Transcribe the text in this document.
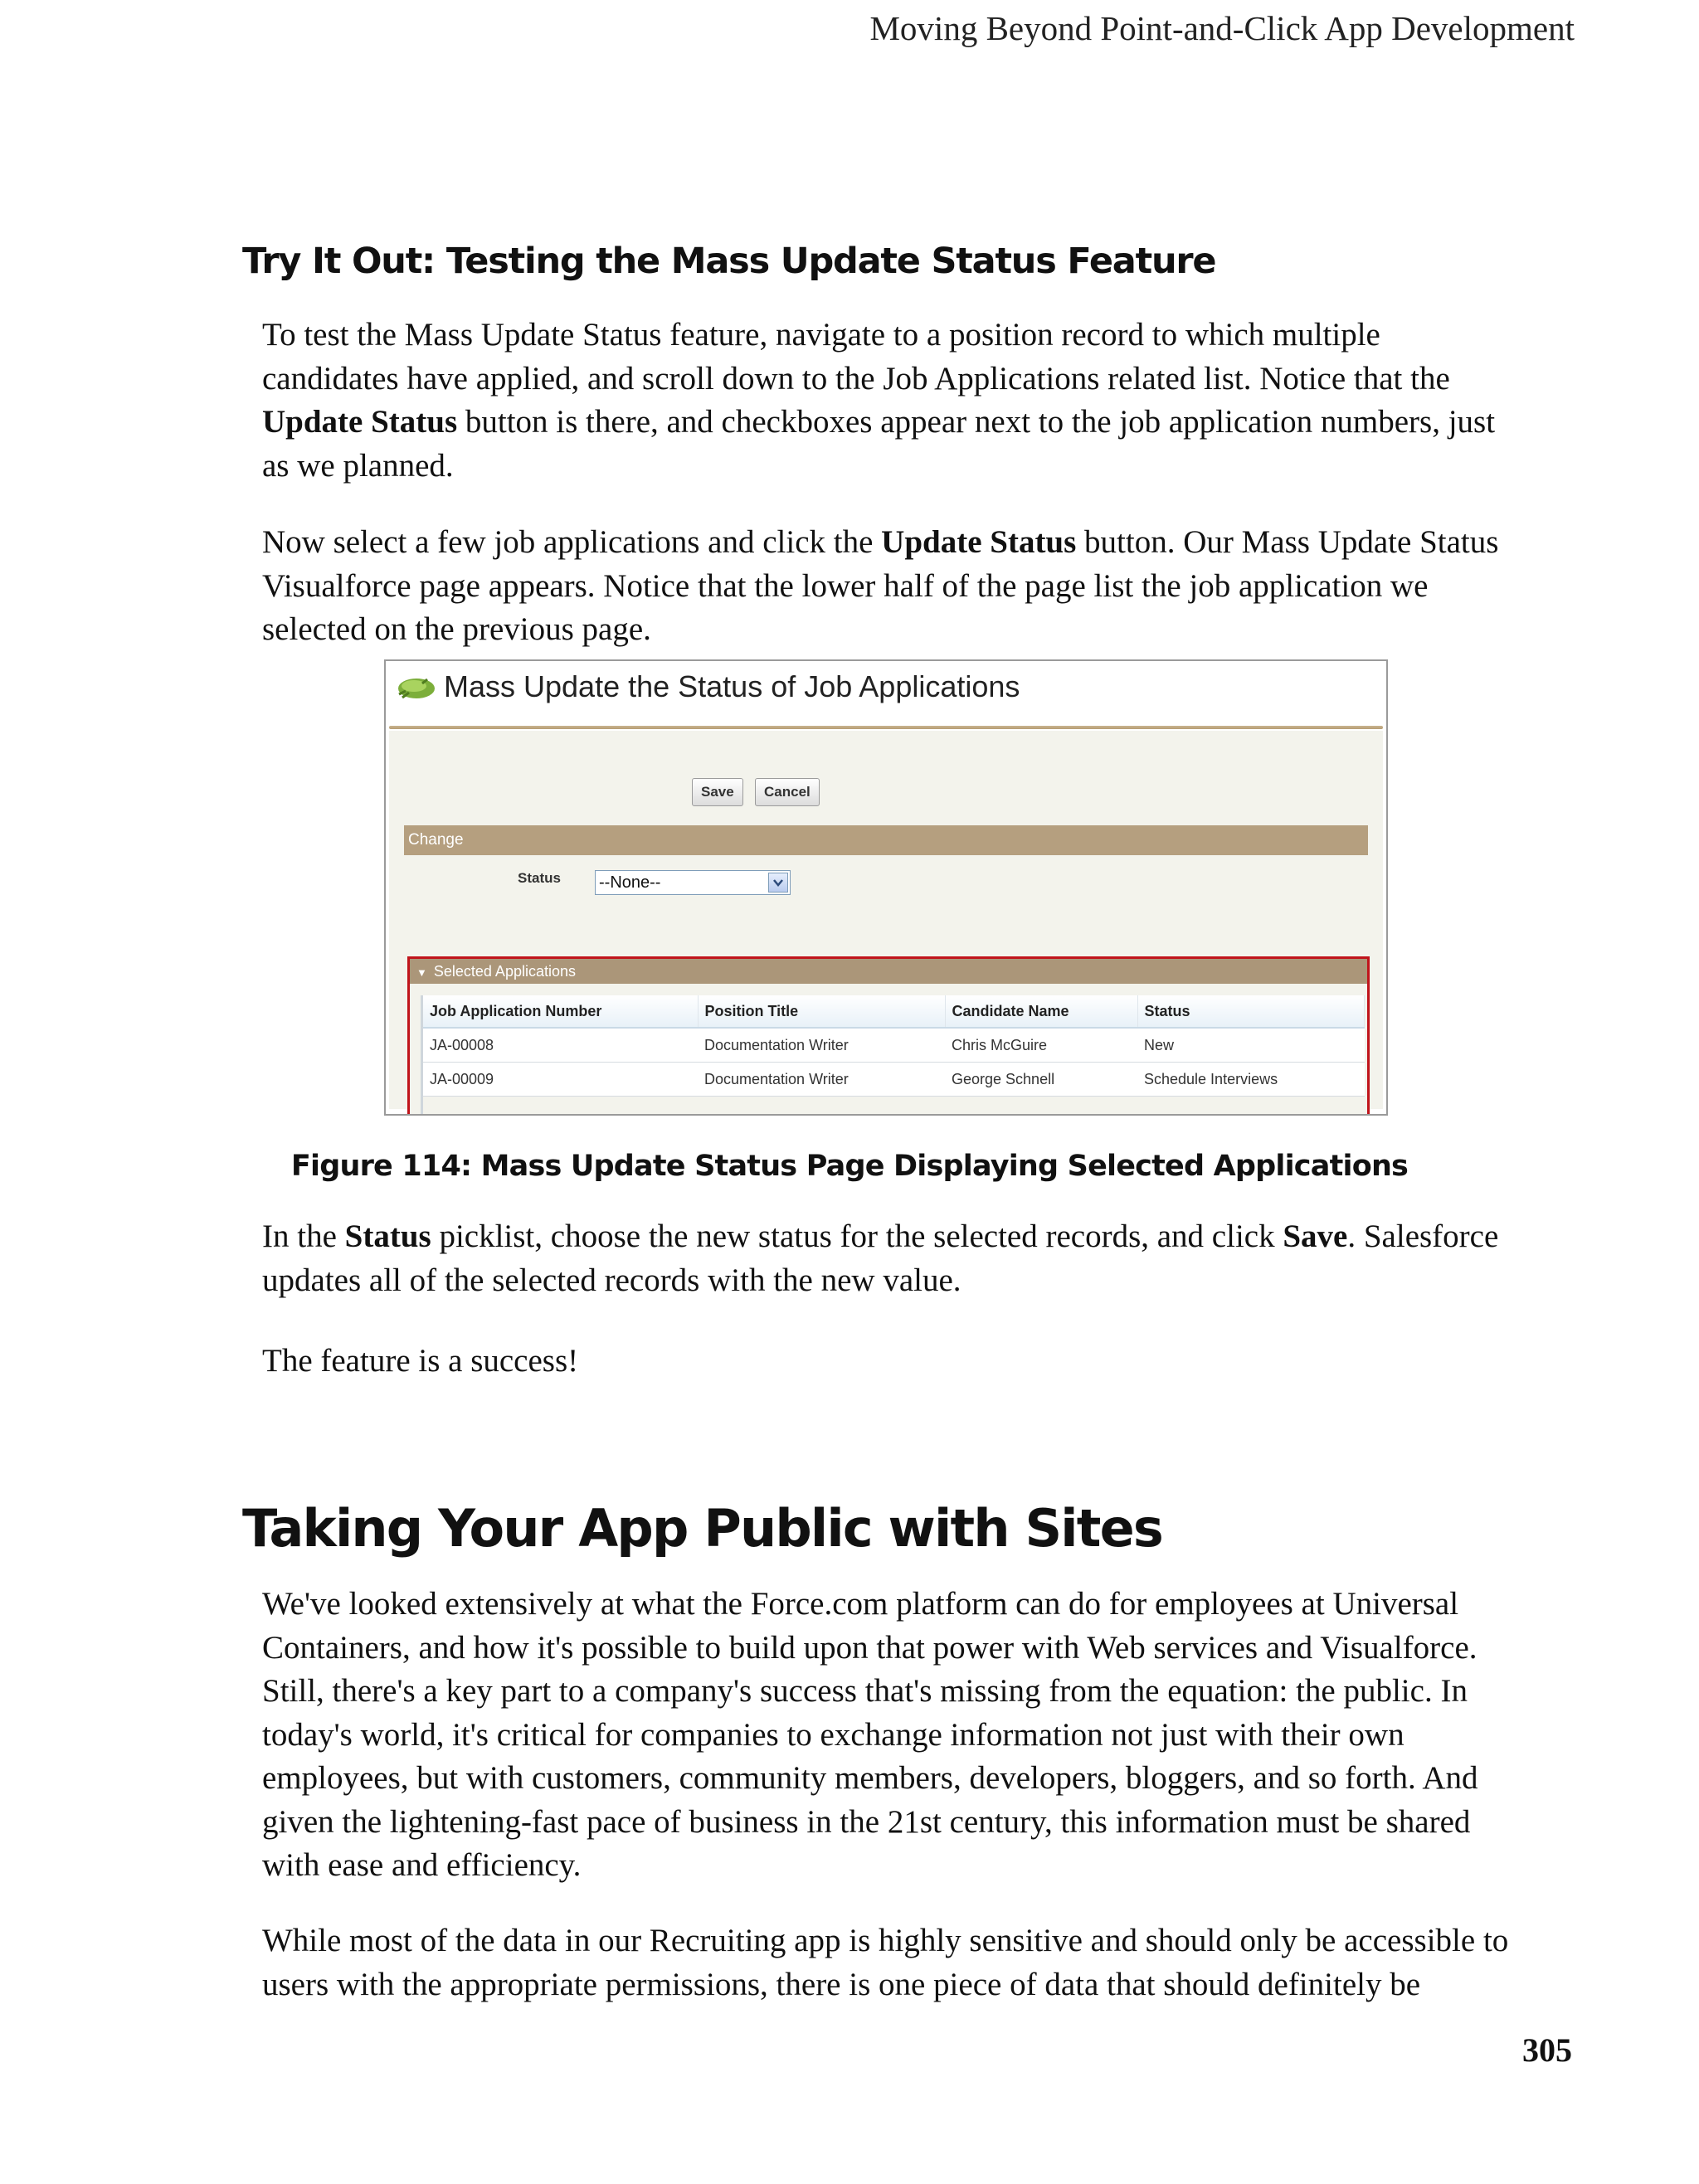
Moving Beyond Point-and-Click App Development
Try It Out: Testing the Mass Update Status Feature

To test the Mass Update Status feature, navigate to a position record to which multiple candidates have applied, and scroll down to the Job Applications related list. Notice that the Update Status button is there, and checkboxes appear next to the job application numbers, just as we planned.

Now select a few job applications and click the Update Status button. Our Mass Update Status Visualforce page appears. Notice that the lower half of the page list the job application we selected on the previous page.

Mass Update the Status of Job Applications
Save	Cancel
Change
Status --None--
▼ Selected Applications
Job Application Number	Position Title	Candidate Name	Status
JA-00008	Documentation Writer	Chris McGuire	New
JA-00009	Documentation Writer	George Schnell	Schedule Interviews

Figure 114: Mass Update Status Page Displaying Selected Applications

In the Status picklist, choose the new status for the selected records, and click Save. Salesforce updates all of the selected records with the new value.

The feature is a success!

Taking Your App Public with Sites

We've looked extensively at what the Force.com platform can do for employees at Universal Containers, and how it's possible to build upon that power with Web services and Visualforce. Still, there's a key part to a company's success that's missing from the equation: the public. In today's world, it's critical for companies to exchange information not just with their own employees, but with customers, community members, developers, bloggers, and so forth. And given the lightening-fast pace of business in the 21st century, this information must be shared with ease and efficiency.

While most of the data in our Recruiting app is highly sensitive and should only be accessible to users with the appropriate permissions, there is one piece of data that should definitely be

305
